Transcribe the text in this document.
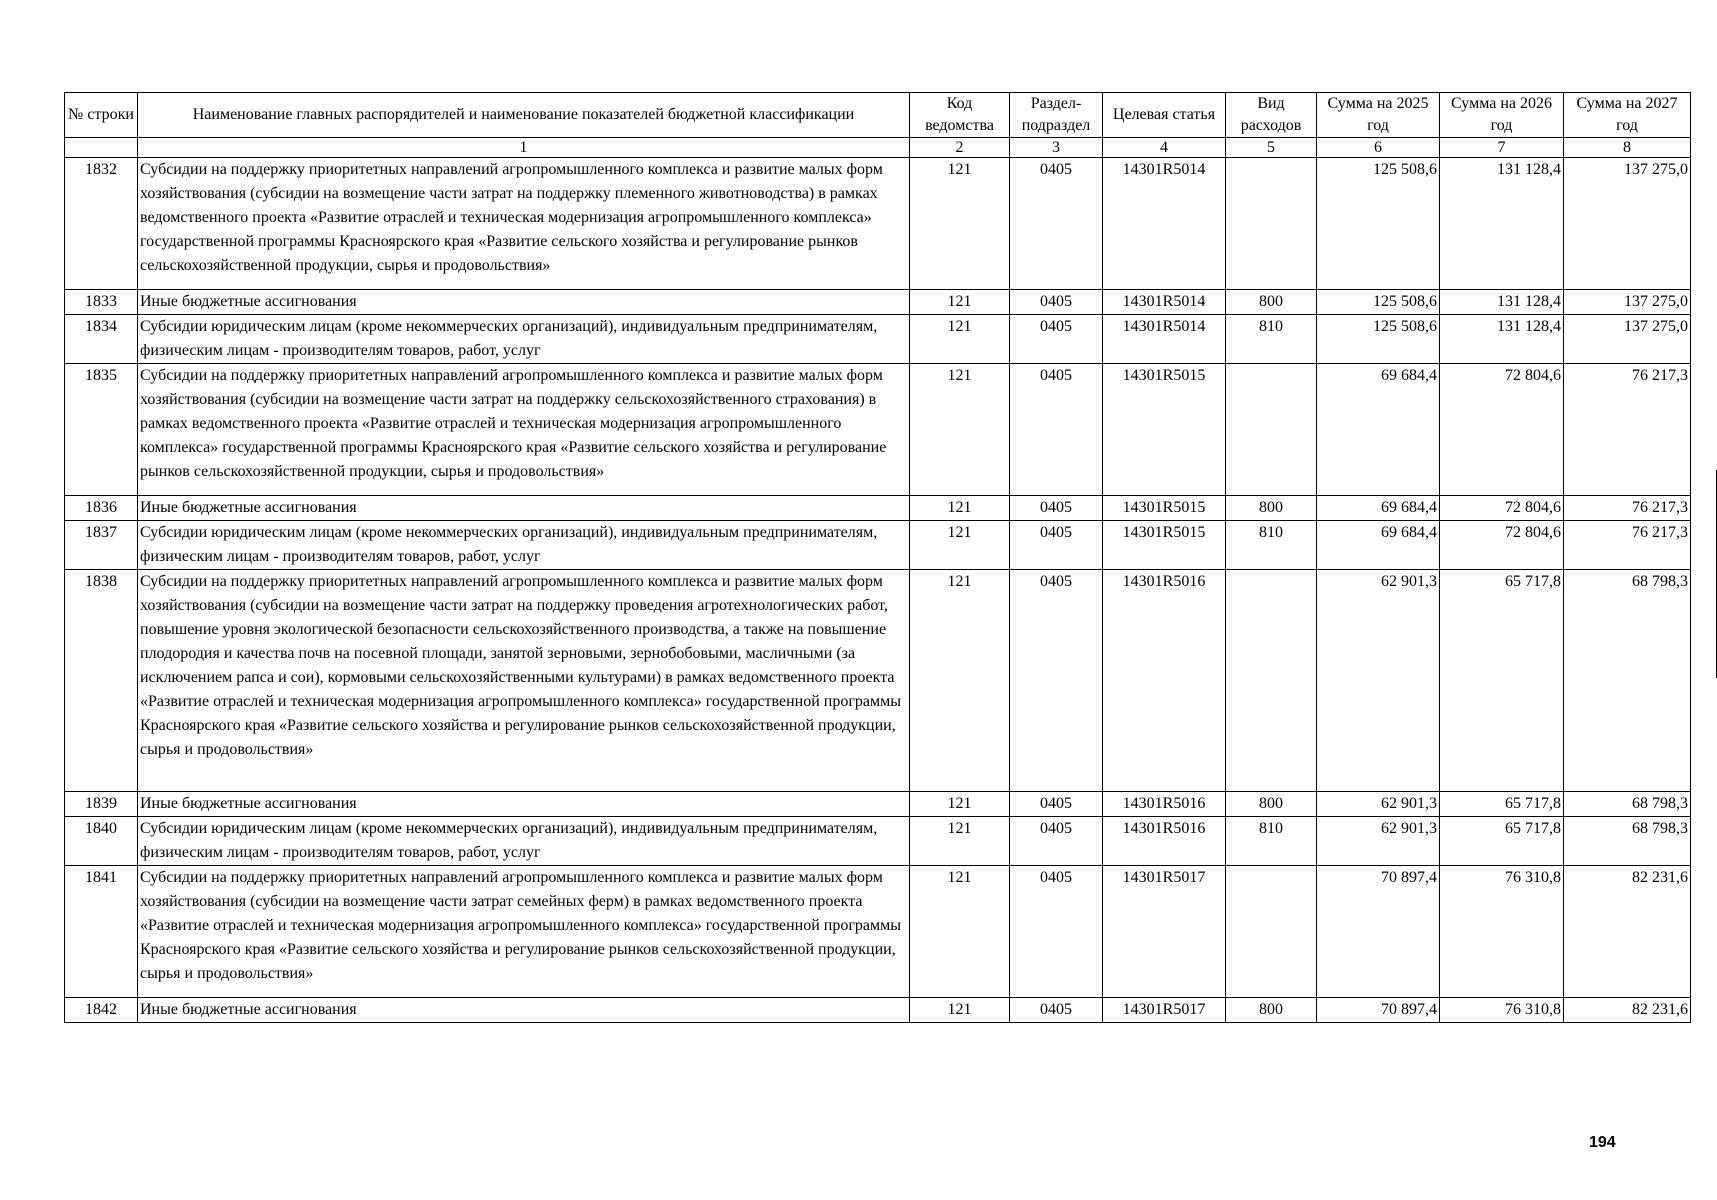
№ строки	Наименование главных распорядителей и наименование показателей бюджетной классификации	Код ведомства	Раздел-подраздел	Целевая статья	Вид расходов	Сумма на 2025 год	Сумма на 2026 год	Сумма на 2027 год
	1	2	3	4	5	6	7	8
1832	Субсидии на поддержку приоритетных направлений агропромышленного комплекса и развитие малых форм хозяйствования (субсидии на возмещение части затрат на поддержку племенного животноводства) в рамках ведомственного проекта «Развитие отраслей и техническая модернизация агропромышленного комплекса» государственной программы Красноярского края «Развитие сельского хозяйства и регулирование рынков сельскохозяйственной продукции, сырья и продовольствия»	121	0405	14301R5014		125 508,6	131 128,4	137 275,0
1833	Иные бюджетные ассигнования	121	0405	14301R5014	800	125 508,6	131 128,4	137 275,0
1834	Субсидии юридическим лицам (кроме некоммерческих организаций), индивидуальным предпринимателям, физическим лицам - производителям товаров, работ, услуг	121	0405	14301R5014	810	125 508,6	131 128,4	137 275,0
1835	Субсидии на поддержку приоритетных направлений агропромышленного комплекса и развитие малых форм хозяйствования (субсидии на возмещение части затрат на поддержку сельскохозяйственного страхования) в рамках ведомственного проекта «Развитие отраслей и техническая модернизация агропромышленного комплекса» государственной программы Красноярского края «Развитие сельского хозяйства и регулирование рынков сельскохозяйственной продукции, сырья и продовольствия»	121	0405	14301R5015		69 684,4	72 804,6	76 217,3
1836	Иные бюджетные ассигнования	121	0405	14301R5015	800	69 684,4	72 804,6	76 217,3
1837	Субсидии юридическим лицам (кроме некоммерческих организаций), индивидуальным предпринимателям, физическим лицам - производителям товаров, работ, услуг	121	0405	14301R5015	810	69 684,4	72 804,6	76 217,3
1838	Субсидии на поддержку приоритетных направлений агропромышленного комплекса и развитие малых форм хозяйствования (субсидии на возмещение части затрат на поддержку проведения агротехнологических работ, повышение уровня экологической безопасности сельскохозяйственного производства, а также на повышение плодородия и качества почв на посевной площади, занятой зерновыми, зернобобовыми, масличными (за исключением рапса и сои), кормовыми сельскохозяйственными культурами) в рамках ведомственного проекта «Развитие отраслей и техническая модернизация агропромышленного комплекса» государственной программы Красноярского края «Развитие сельского хозяйства и регулирование рынков сельскохозяйственной продукции, сырья и продовольствия»	121	0405	14301R5016		62 901,3	65 717,8	68 798,3
1839	Иные бюджетные ассигнования	121	0405	14301R5016	800	62 901,3	65 717,8	68 798,3
1840	Субсидии юридическим лицам (кроме некоммерческих организаций), индивидуальным предпринимателям, физическим лицам - производителям товаров, работ, услуг	121	0405	14301R5016	810	62 901,3	65 717,8	68 798,3
1841	Субсидии на поддержку приоритетных направлений агропромышленного комплекса и развитие малых форм хозяйствования (субсидии на возмещение части затрат семейных ферм) в рамках ведомственного проекта «Развитие отраслей и техническая модернизация агропромышленного комплекса» государственной программы Красноярского края «Развитие сельского хозяйства и регулирование рынков сельскохозяйственной продукции, сырья и продовольствия»	121	0405	14301R5017		70 897,4	76 310,8	82 231,6
1842	Иные бюджетные ассигнования	121	0405	14301R5017	800	70 897,4	76 310,8	82 231,6
194
